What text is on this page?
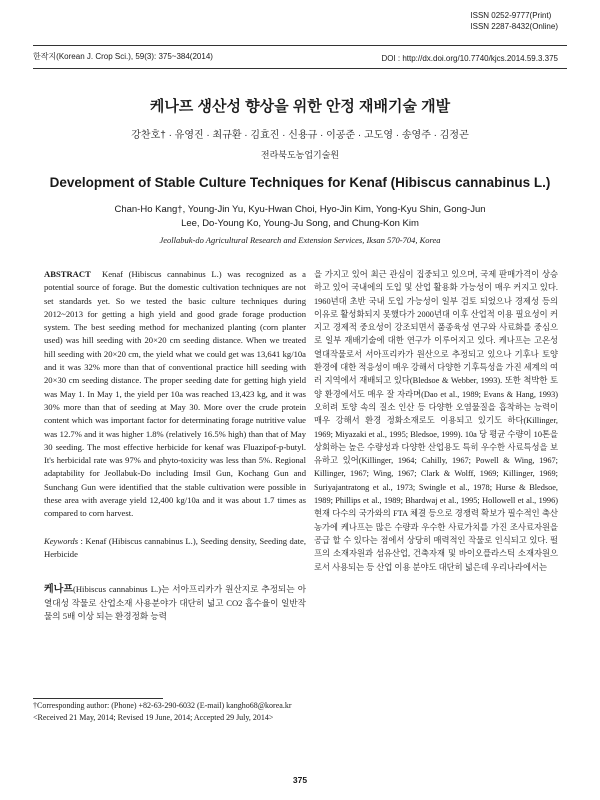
ISSN 0252-9777(Print)
ISSN 2287-8432(Online)
한작지(Korean J. Crop Sci.), 59(3): 375~384(2014)	DOI : http://dx.doi.org/10.7740/kjcs.2014.59.3.375
케나프 생산성 향상을 위한 안정 재배기술 개발
강찬호† · 유영진 · 최규환 · 김효진 · 신용규 · 이공준 · 고도영 · 송영주 · 김정곤
전라북도농업기술원
Development of Stable Culture Techniques for Kenaf (Hibiscus cannabinus L.)
Chan-Ho Kang†, Young-Jin Yu, Kyu-Hwan Choi, Hyo-Jin Kim, Yong-Kyu Shin, Gong-Jun Lee, Do-Young Ko, Young-Ju Song, and Chung-Kon Kim
Jeollabuk-do Agricultural Research and Extension Services, Iksan 570-704, Korea

ABSTRACT Kenaf (Hibiscus cannabinus L.) was recognized as a potential source of forage. But the domestic cultivation techniques are not set standards yet. So we tested the basic culture techniques during 2012~2013 for getting a high yield and good grade forage production system. The best seeding method for mechanized planting (corn planter used) was hill seeding with 20×20 cm seeding distance. When we treated hill seeding with 20×20 cm, the yield what we could get was 13,641 kg/10a and it was 32% more than that of conventional practice hill seeding with 20×30 cm seeding distance. The proper seeding date for getting high yield was May 1. In May 1, the yield per 10a was reached 13,423 kg, and it was 30% more than that of seeding at May 30. More over the crude protein content which was important factor for determinating forage nutritive value was 12.7% and it was higher 1.8% (relatively 16.5% high) than that of May 30 seeding. The most effective herbicide for kenaf was Fluazipof-p-butyl. It's herbicidal rate was 97% and phyto-toxicity was less than 5%. Regional adaptability for Jeollabuk-Do including Imsil Gun, Kochang Gun and Sunchang Gun were identified that the stable cultivation were possible in these area with average yield 12,400 kg/10a and it was about 1.7 times as compared to corn harvest.

Keywords : Kenaf (Hibiscus cannabinus L.), Seeding density, Seeding date, Herbicide

케나프(Hibiscus cannabinus L.)는 서아프리카가 원산지로 추정되는 아열대성 작물로 산업소재 사용분야가 대단히 넓고 CO2 흡수율이 일반작물의 5배 이상 되는 환경정화 능력

을 가지고 있어 최근 관심이 집중되고 있으며, 국제 판매가격이 상승하고 있어 국내에의 도입 및 산업 활용화 가능성이 매우 커지고 있다. 1960년대 초반 국내 도입 가능성이 일부 검토 되었으나 경제성 등의 이유로 활성화되지 못했다가 2000년대 이후 산업적 이용 필요성이 커지고 경제적 중요성이 강조되면서 품종육성 연구와 사료화를 중심으로 일부 재배기술에 대한 연구가 이루어지고 있다. 케나프는 고온성 열대작물로서 서아프리카가 원산으로 추정되고 있으나 기후나 토양환경에 대한 적응성이 매우 강해서 다양한 기후특성을 가진 세계의 여러 지역에서 재배되고 있다(Bledsoe & Webber, 1993). 또한 척박한 토양 환경에서도 매우 잘 자라며(Dao et al., 1989; Evans & Hang, 1993) 오히려 토양 속의 질소 인산 등 다양한 오염물질을 흡착하는 능력이 매우 강해서 환경 정화소재로도 이용되고 있기도 하다(Killinger, 1969; Miyazaki et al., 1995; Bledsoe, 1999). 10a 당 평균 수량이 10톤을 상회하는 높은 수량성과 다양한 산업용도 특히 우수한 사료특성을 보유하고 있어(Killinger, 1964; Cahilly, 1967; Powell & Wing, 1967; Killinger, 1967; Wing, 1967; Clark & Wolff, 1969; Killinger, 1969; Suriyajantratong et al., 1973; Swingle et al., 1978; Hurse & Bledsoe, 1989; Phillips et al., 1989; Bhardwaj et al., 1995; Hollowell et al., 1996) 현재 다수의 국가와의 FTA 체결 등으로 경쟁력 확보가 필수적인 축산농가에 케나프는 많은 수량과 우수한 사료가치를 가진 조사료자원을 공급 할 수 있다는 점에서 상당히 매력적인 작물로 인식되고 있다. 펄프의 소재자원과 섬유산업, 건축자재 및 바이오플라스틱 소재자원으로서 사용되는 등 산업 이용 분야도 대단히 넓은데 우리나라에서는

†Corresponding author: (Phone) +82-63-290-6032 (E-mail) kangho68@korea.kr
<Received 21 May, 2014; Revised 19 June, 2014; Accepted 29 July, 2014>
375
